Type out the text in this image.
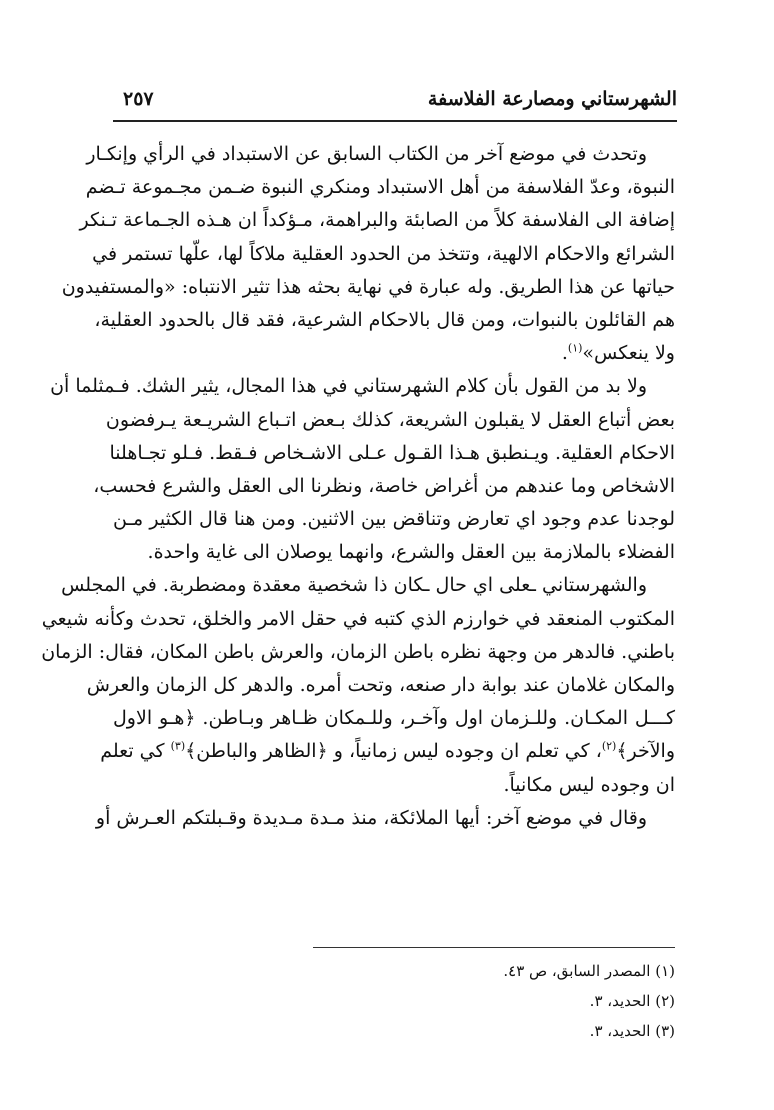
الشهرستاني ومصارعة الفلاسفة
٢٥٧
وتحدث في موضع آخر من الكتاب السابق عن الاستبداد في الرأي وإنكـار
النبوة، وعدّ الفلاسفة من أهل الاستبداد ومنكري النبوة ضـمن مجـموعة تـضم
إضافة الى الفلاسفة كلاً من الصابئة والبراهمة، مـؤكداً ان هـذه الجـماعة تـنكر
الشرائع والاحكام الالهية، وتتخذ من الحدود العقلية ملاكاً لها، علّها تستمر في
حياتها عن هذا الطريق. وله عبارة في نهاية بحثه هذا تثير الانتباه: «والمستفيدون
هم القائلون بالنبوات، ومن قال بالاحكام الشرعية، فقد قال بالحدود العقلية،
ولا ينعكس»$^{(١)}$.
ولا بد من القول بأن كلام الشهرستاني في هذا المجال، يثير الشك. فـمثلما أن
بعض أتباع العقل لا يقبلون الشريعة، كذلك بـعض اتـباع الشريـعة يـرفضون
الاحكام العقلية. ويـنطبق هـذا القـول عـلى الاشـخاص فـقط. فـلو تجـاهلنا
الاشخاص وما عندهم من أغراض خاصة، ونظرنا الى العقل والشرع فحسب،
لوجدنا عدم وجود اي تعارض وتناقض بين الاثنين. ومن هنا قال الكثير مـن
الفضلاء بالملازمة بين العقل والشرع، وانهما يوصلان الى غاية واحدة.
والشهرستاني ـعلى اي حال ـكان ذا شخصية معقدة ومضطربة. في المجلس
المكتوب المنعقد في خوارزم الذي كتبه في حقل الامر والخلق، تحدث وكأنه شيعي
باطني. فالدهر من وجهة نظره باطن الزمان، والعرش باطن المكان، فقال: الزمان
والمكان غلامان عند بوابة دار صنعه، وتحت أمره. والدهر كل الزمان والعرش
كـــل المكـان. وللـزمان اول وآخـر، وللـمكان ظـاهر وبـاطن. ﴿هـو الاول
والآخر﴾$^{(٢)}$، كي تعلم ان وجوده ليس زمانياً، و ﴿الظاهر والباطن﴾$^{(٣)}$ كي تعلم
ان وجوده ليس مكانياً.
وقال في موضع آخر: أيها الملائكة، منذ مـدة مـديدة وقـبلتكم العـرش أو
(١) المصدر السابق، ص ٤٣.
(٢) الحديد، ٣.
(٣) الحديد، ٣.
